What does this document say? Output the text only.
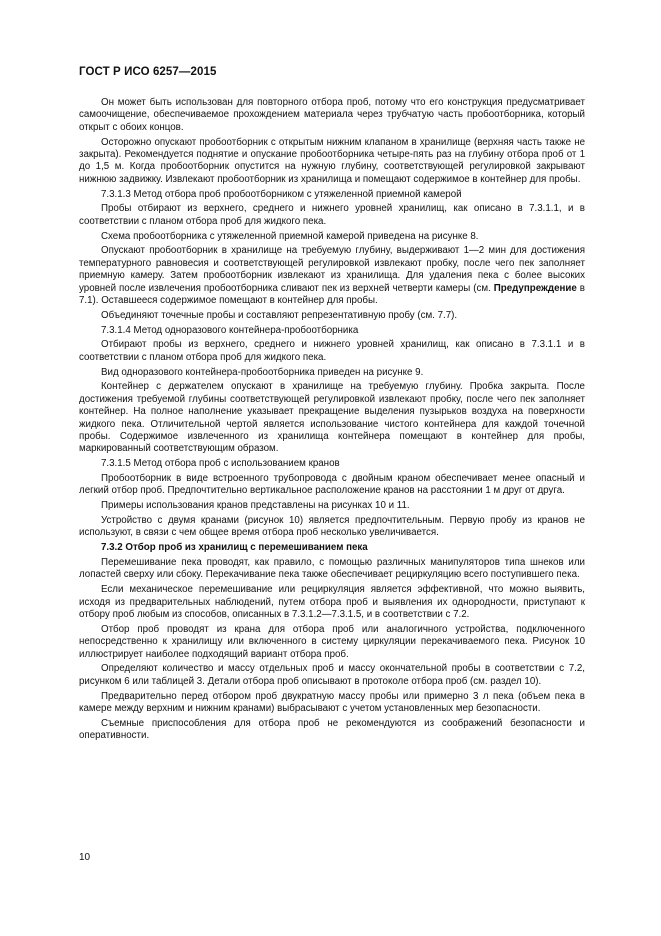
ГОСТ Р ИСО 6257—2015

Он может быть использован для повторного отбора проб, потому что его конструкция предусматривает самоочищение, обеспечиваемое прохождением материала через трубчатую часть пробоотборника, который открыт с обоих концов.

Осторожно опускают пробоотборник с открытым нижним клапаном в хранилище (верхняя часть также не закрыта). Рекомендуется поднятие и опускание пробоотборника четыре-пять раз на глубину отбора проб от 1 до 1,5 м. Когда пробоотборник опустится на нужную глубину, соответствующей регулировкой закрывают нижнюю задвижку. Извлекают пробоотборник из хранилища и помещают содержимое в контейнер для пробы.

7.3.1.3 Метод отбора проб пробоотборником с утяжеленной приемной камерой

Пробы отбирают из верхнего, среднего и нижнего уровней хранилищ, как описано в 7.3.1.1, и в соответствии с планом отбора проб для жидкого пека.

Схема пробоотборника с утяжеленной приемной камерой приведена на рисунке 8.

Опускают пробоотборник в хранилище на требуемую глубину, выдерживают 1—2 мин для достижения температурного равновесия и соответствующей регулировкой извлекают пробку, после чего пек заполняет приемную камеру. Затем пробоотборник извлекают из хранилища. Для удаления пека с более высоких уровней после извлечения пробоотборника сливают пек из верхней четверти камеры (см. Предупреждение в 7.1). Оставшееся содержимое помещают в контейнер для пробы.

Объединяют точечные пробы и составляют репрезентативную пробу (см. 7.7).

7.3.1.4 Метод одноразового контейнера-пробоотборника

Отбирают пробы из верхнего, среднего и нижнего уровней хранилищ, как описано в 7.3.1.1 и в соответствии с планом отбора проб для жидкого пека.

Вид одноразового контейнера-пробоотборника приведен на рисунке 9.

Контейнер с держателем опускают в хранилище на требуемую глубину. Пробка закрыта. После достижения требуемой глубины соответствующей регулировкой извлекают пробку, после чего пек заполняет контейнер. На полное наполнение указывает прекращение выделения пузырьков воздуха на поверхности жидкого пека. Отличительной чертой является использование чистого контейнера для каждой точечной пробы. Содержимое извлеченного из хранилища контейнера помещают в контейнер для пробы, маркированный соответствующим образом.

7.3.1.5 Метод отбора проб с использованием кранов

Пробоотборник в виде встроенного трубопровода с двойным краном обеспечивает менее опасный и легкий отбор проб. Предпочтительно вертикальное расположение кранов на расстоянии 1 м друг от друга.

Примеры использования кранов представлены на рисунках 10 и 11.

Устройство с двумя кранами (рисунок 10) является предпочтительным. Первую пробу из кранов не используют, в связи с чем общее время отбора проб несколько увеличивается.

7.3.2 Отбор проб из хранилищ с перемешиванием пека

Перемешивание пека проводят, как правило, с помощью различных манипуляторов типа шнеков или лопастей сверху или сбоку. Перекачивание пека также обеспечивает рециркуляцию всего поступившего пека.

Если механическое перемешивание или рециркуляция является эффективной, что можно выявить, исходя из предварительных наблюдений, путем отбора проб и выявления их однородности, приступают к отбору проб любым из способов, описанных в 7.3.1.2—7.3.1.5, и в соответствии с 7.2.

Отбор проб проводят из крана для отбора проб или аналогичного устройства, подключенного непосредственно к хранилищу или включенного в систему циркуляции перекачиваемого пека. Рисунок 10 иллюстрирует наиболее подходящий вариант отбора проб.

Определяют количество и массу отдельных проб и массу окончательной пробы в соответствии с 7.2, рисунком 6 или таблицей 3. Детали отбора проб описывают в протоколе отбора проб (см. раздел 10).

Предварительно перед отбором проб двукратную массу пробы или примерно 3 л пека (объем пека в камере между верхним и нижним кранами) выбрасывают с учетом установленных мер безопасности.

Съемные приспособления для отбора проб не рекомендуются из соображений безопасности и оперативности.

10
